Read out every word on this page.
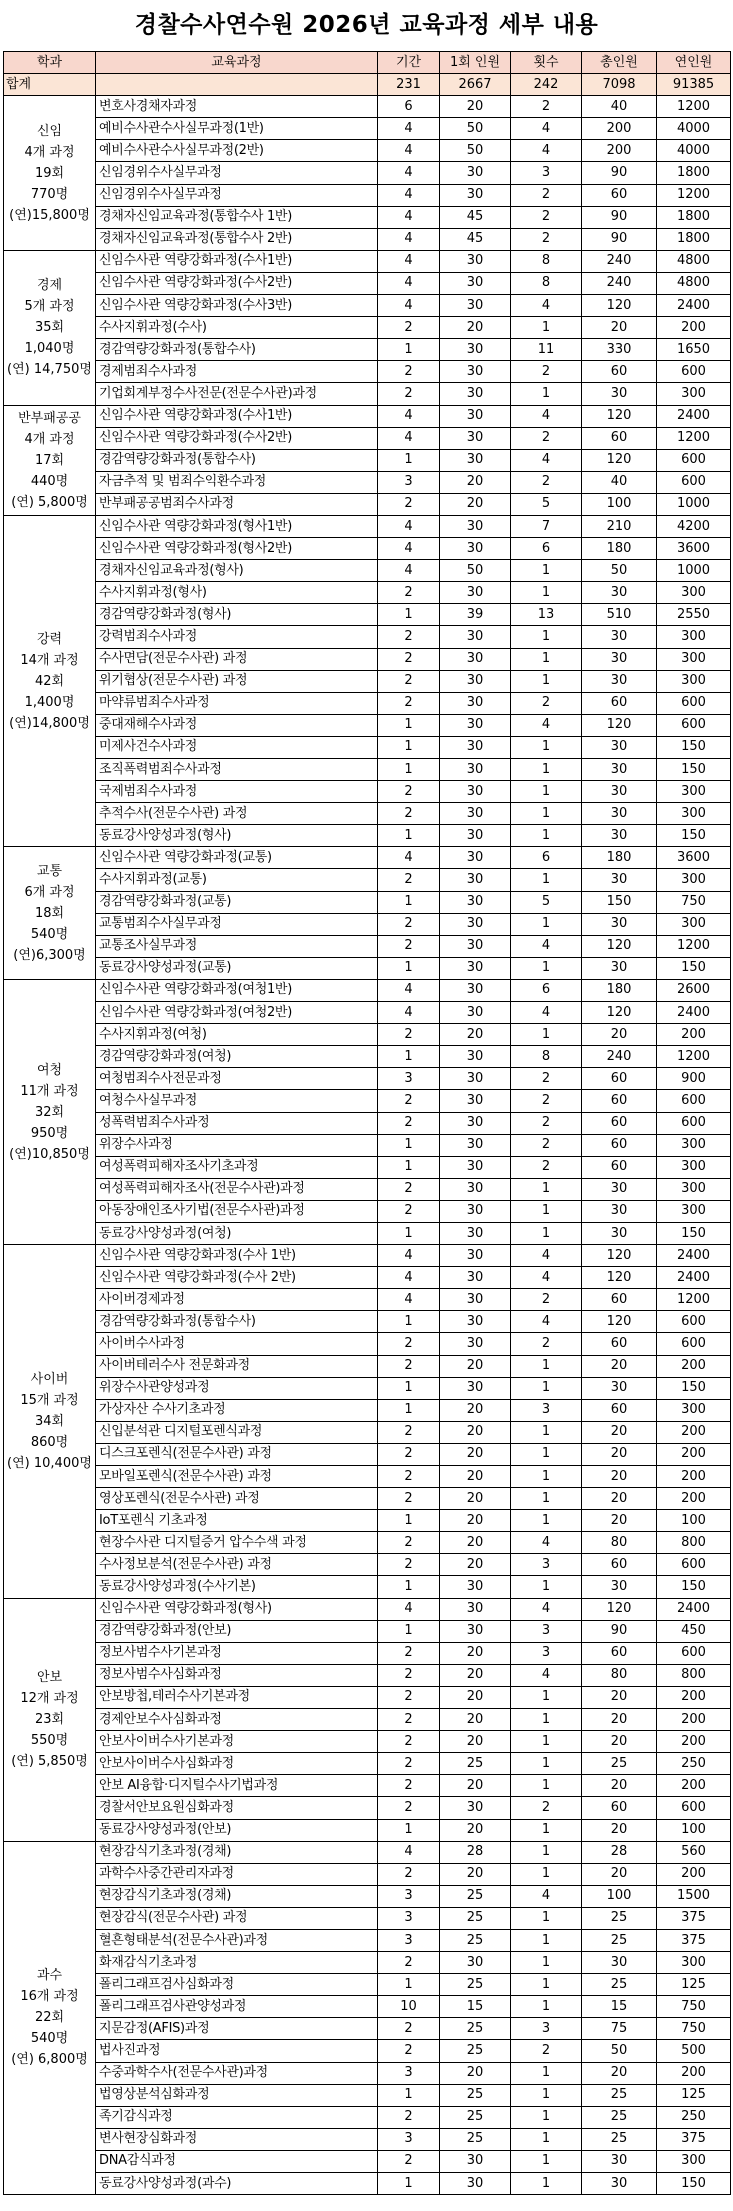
경찰수사연수원 2026년 교육과정 세부 내용
학과	교육과정	기간	1회 인원	횟수	총인원	연인원
합계		231	2667	242	7098	91385

신임
4개 과정
19회
770명
(연)15,800명	변호사경채자과정	6	20	2	40	1200
	예비수사관수사실무과정(1반)	4	50	4	200	4000
	예비수사관수사실무과정(2반)	4	50	4	200	4000
	신임경위수사실무과정	4	30	3	90	1800
	신임경위수사실무과정	4	30	2	60	1200
	경채자신임교육과정(통합수사 1반)	4	45	2	90	1800
	경채자신임교육과정(통합수사 2반)	4	45	2	90	1800

경제
5개 과정
35회
1,040명
(연) 14,750명	신임수사관 역량강화과정(수사1반)	4	30	8	240	4800
	신임수사관 역량강화과정(수사2반)	4	30	8	240	4800
	신임수사관 역량강화과정(수사3반)	4	30	4	120	2400
	수사지휘과정(수사)	2	20	1	20	200
	경감역량강화과정(통합수사)	1	30	11	330	1650
	경제범죄수사과정	2	30	2	60	600
	기업회계부정수사전문(전문수사관)과정	2	30	1	30	300

반부패공공
4개 과정
17회
440명
(연) 5,800명	신임수사관 역량강화과정(수사1반)	4	30	4	120	2400
	신임수사관 역량강화과정(수사2반)	4	30	2	60	1200
	경감역량강화과정(통합수사)	1	30	4	120	600
	자금추적 및 범죄수익환수과정	3	20	2	40	600
	반부패공공범죄수사과정	2	20	5	100	1000

강력
14개 과정
42회
1,400명
(연)14,800명	신임수사관 역량강화과정(형사1반)	4	30	7	210	4200
	신임수사관 역량강화과정(형사2반)	4	30	6	180	3600
	경채자신임교육과정(형사)	4	50	1	50	1000
	수사지휘과정(형사)	2	30	1	30	300
	경감역량강화과정(형사)	1	39	13	510	2550
	강력범죄수사과정	2	30	1	30	300
	수사면담(전문수사관) 과정	2	30	1	30	300
	위기협상(전문수사관) 과정	2	30	1	30	300
	마약류범죄수사과정	2	30	2	60	600
	중대재해수사과정	1	30	4	120	600
	미제사건수사과정	1	30	1	30	150
	조직폭력범죄수사과정	1	30	1	30	150
	국제범죄수사과정	2	30	1	30	300
	추적수사(전문수사관) 과정	2	30	1	30	300
	동료강사양성과정(형사)	1	30	1	30	150

교통
6개 과정
18회
540명
(연)6,300명	신임수사관 역량강화과정(교통)	4	30	6	180	3600
	수사지휘과정(교통)	2	30	1	30	300
	경감역량강화과정(교통)	1	30	5	150	750
	교통범죄수사실무과정	2	30	1	30	300
	교통조사실무과정	2	30	4	120	1200
	동료강사양성과정(교통)	1	30	1	30	150

여청
11개 과정
32회
950명
(연)10,850명	신임수사관 역량강화과정(여청1반)	4	30	6	180	2600
	신임수사관 역량강화과정(여청2반)	4	30	4	120	2400
	수사지휘과정(여청)	2	20	1	20	200
	경감역량강화과정(여청)	1	30	8	240	1200
	여청범죄수사전문과정	3	30	2	60	900
	여청수사실무과정	2	30	2	60	600
	성폭력범죄수사과정	2	30	2	60	600
	위장수사과정	1	30	2	60	300
	여성폭력피해자조사기초과정	1	30	2	60	300
	여성폭력피해자조사(전문수사관)과정	2	30	1	30	300
	아동장애인조사기법(전문수사관)과정	2	30	1	30	300
	동료강사양성과정(여청)	1	30	1	30	150

사이버
15개 과정
34회
860명
(연) 10,400명	신임수사관 역량강화과정(수사 1반)	4	30	4	120	2400
	신임수사관 역량강화과정(수사 2반)	4	30	4	120	2400
	사이버경제과정	4	30	2	60	1200
	경감역량강화과정(통합수사)	1	30	4	120	600
	사이버수사과정	2	30	2	60	600
	사이버테러수사 전문화과정	2	20	1	20	200
	위장수사관양성과정	1	30	1	30	150
	가상자산 수사기초과정	1	20	3	60	300
	신입분석관 디지털포렌식과정	2	20	1	20	200
	디스크포렌식(전문수사관) 과정	2	20	1	20	200
	모바일포렌식(전문수사관) 과정	2	20	1	20	200
	영상포렌식(전문수사관) 과정	2	20	1	20	200
	IoT포렌식 기초과정	1	20	1	20	100
	현장수사관 디지털증거 압수수색 과정	2	20	4	80	800
	수사정보분석(전문수사관) 과정	2	20	3	60	600
	동료강사양성과정(수사기본)	1	30	1	30	150

안보
12개 과정
23회
550명
(연) 5,850명	신임수사관 역량강화과정(형사)	4	30	4	120	2400
	경감역량강화과정(안보)	1	30	3	90	450
	정보사범수사기본과정	2	20	3	60	600
	정보사범수사심화과정	2	20	4	80	800
	안보방첩,테러수사기본과정	2	20	1	20	200
	경제안보수사심화과정	2	20	1	20	200
	안보사이버수사기본과정	2	20	1	20	200
	안보사이버수사심화과정	2	25	1	25	250
	안보 AI융합·디지털수사기법과정	2	20	1	20	200
	경찰서안보요원심화과정	2	30	2	60	600
	동료강사양성과정(안보)	1	20	1	20	100

과수
16개 과정
22회
540명
(연) 6,800명	현장감식기초과정(경채)	4	28	1	28	560
	과학수사중간관리자과정	2	20	1	20	200
	현장감식기초과정(경채)	3	25	4	100	1500
	현장감식(전문수사관) 과정	3	25	1	25	375
	혈흔형태분석(전문수사관)과정	3	25	1	25	375
	화재감식기초과정	2	30	1	30	300
	폴리그래프검사심화과정	1	25	1	25	125
	폴리그래프검사관양성과정	10	15	1	15	750
	지문감정(AFIS)과정	2	25	3	75	750
	법사진과정	2	25	2	50	500
	수중과학수사(전문수사관)과정	3	20	1	20	200
	법영상분석심화과정	1	25	1	25	125
	족기감식과정	2	25	1	25	250
	변사현장심화과정	3	25	1	25	375
	DNA감식과정	2	30	1	30	300
	동료강사양성과정(과수)	1	30	1	30	150
